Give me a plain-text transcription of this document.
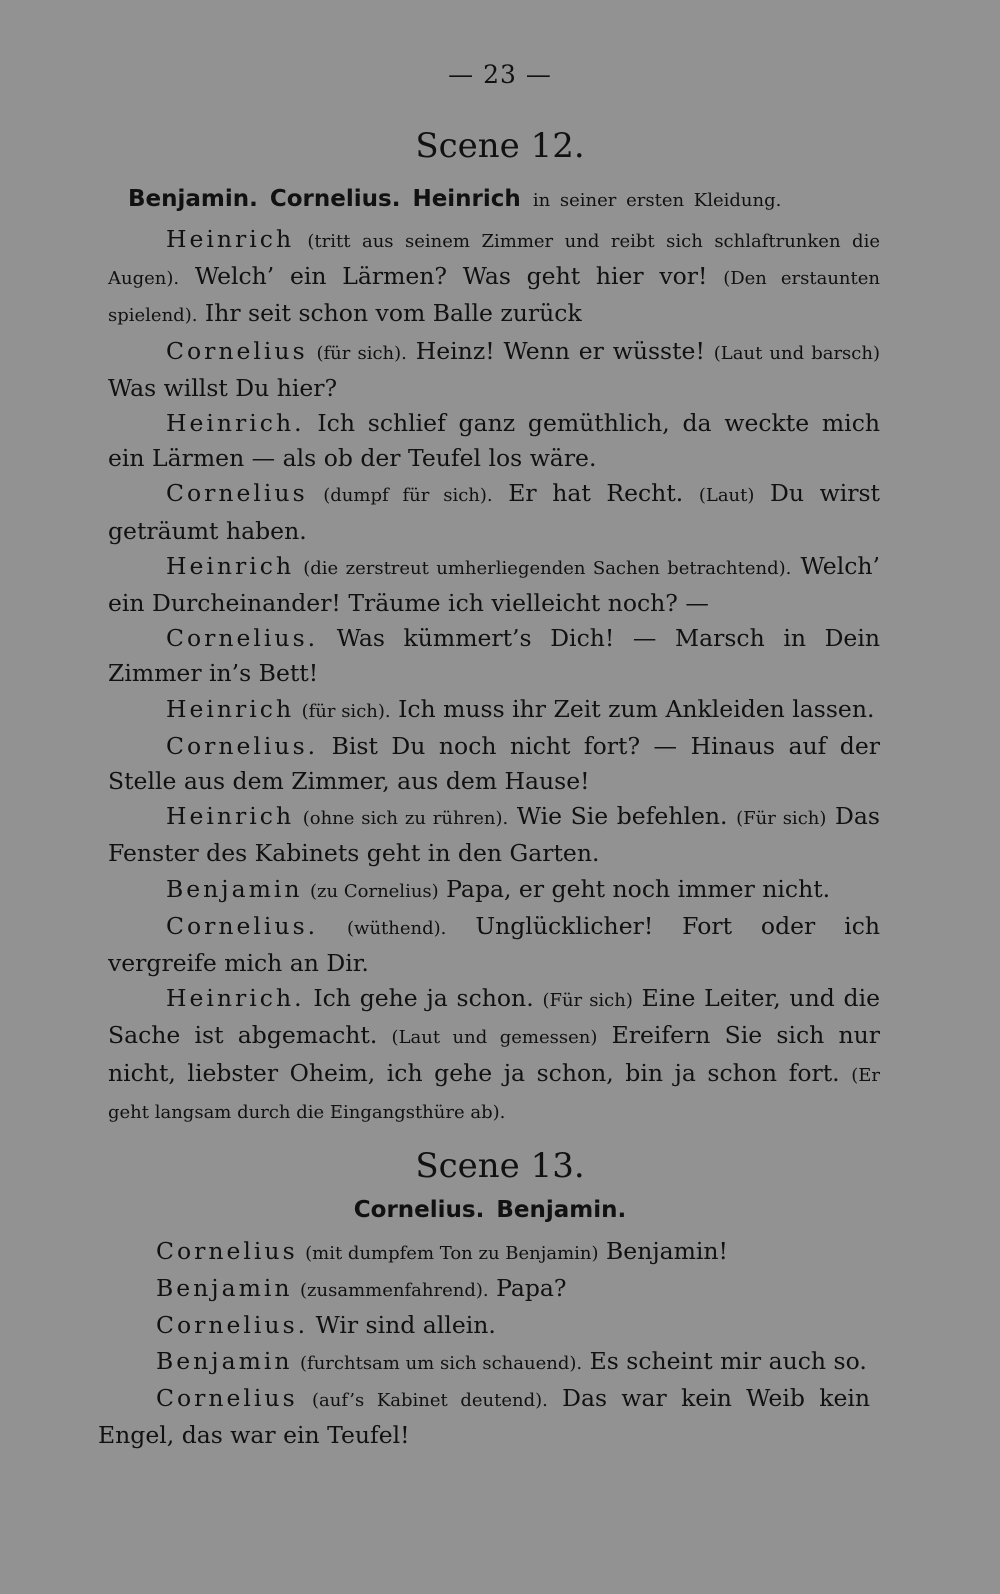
— 23 —
Scene 12.
Benjamin. Cornelius. Heinrich in seiner ersten Kleidung.

Heinrich (tritt aus seinem Zimmer und reibt sich schlaftrunken die Augen). Welch’ ein Lärmen? Was geht hier vor! (Den erstaunten spielend). Ihr seit schon vom Balle zurück

Cornelius (für sich). Heinz! Wenn er wüsste! (Laut und barsch) Was willst Du hier?

Heinrich. Ich schlief ganz gemüthlich, da weckte mich ein Lärmen — als ob der Teufel los wäre.

Cornelius (dumpf für sich). Er hat Recht. (Laut) Du wirst geträumt haben.

Heinrich (die zerstreut umherliegenden Sachen betrachtend). Welch’ ein Durcheinander! Träume ich vielleicht noch? —

Cornelius. Was kümmert’s Dich! — Marsch in Dein Zimmer in’s Bett!

Heinrich (für sich). Ich muss ihr Zeit zum Ankleiden lassen.

Cornelius. Bist Du noch nicht fort? — Hinaus auf der Stelle aus dem Zimmer, aus dem Hause!

Heinrich (ohne sich zu rühren). Wie Sie befehlen. (Für sich) Das Fenster des Kabinets geht in den Garten.

Benjamin (zu Cornelius) Papa, er geht noch immer nicht.

Cornelius. (wüthend). Unglücklicher! Fort oder ich vergreife mich an Dir.

Heinrich. Ich gehe ja schon. (Für sich) Eine Leiter, und die Sache ist abgemacht. (Laut und gemessen) Ereifern Sie sich nur nicht, liebster Oheim, ich gehe ja schon, bin ja schon fort. (Er geht langsam durch die Eingangsthüre ab).

Scene 13.
Cornelius. Benjamin.

Cornelius (mit dumpfem Ton zu Benjamin) Benjamin!

Benjamin (zusammenfahrend). Papa?

Cornelius. Wir sind allein.

Benjamin (furchtsam um sich schauend). Es scheint mir auch so.

Cornelius (auf’s Kabinet deutend). Das war kein Weib kein Engel, das war ein Teufel!
